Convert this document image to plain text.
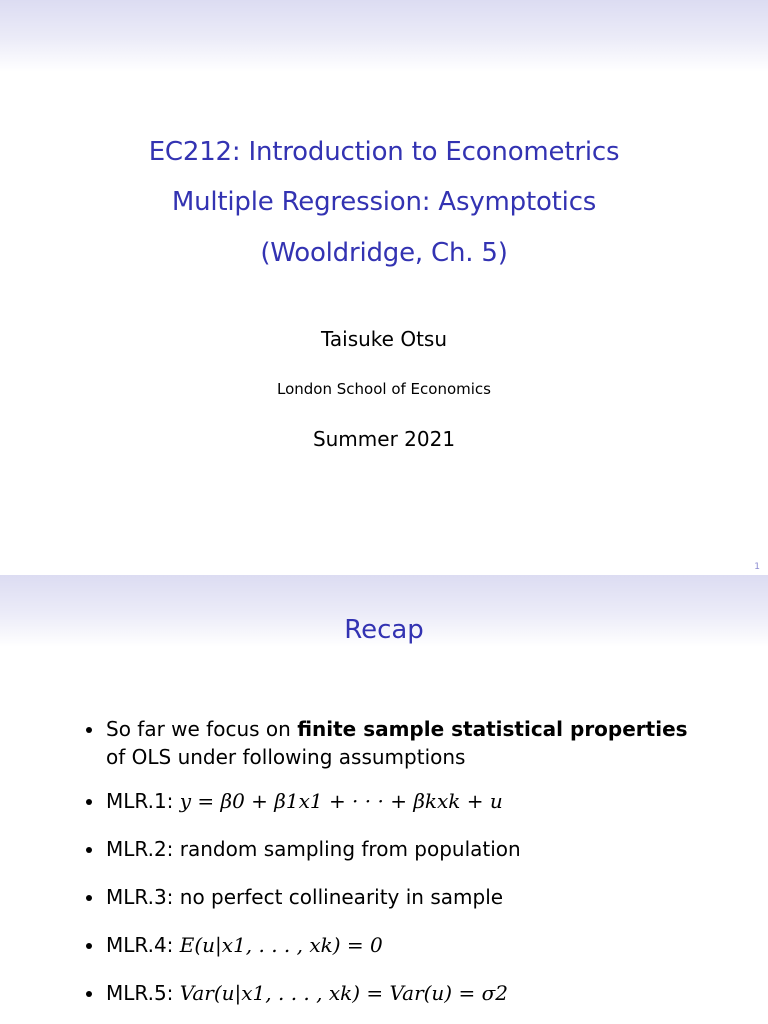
EC212: Introduction to Econometrics
Multiple Regression: Asymptotics
(Wooldridge, Ch. 5)
Taisuke Otsu
London School of Economics
Summer 2021
1
Recap
So far we focus on finite sample statistical properties of OLS under following assumptions
MLR.1: y = β0 + β1x1 + · · · + βkxk + u
MLR.2: random sampling from population
MLR.3: no perfect collinearity in sample
MLR.4: E(u|x1, . . . , xk) = 0
MLR.5: Var(u|x1, . . . , xk) = Var(u) = σ2
